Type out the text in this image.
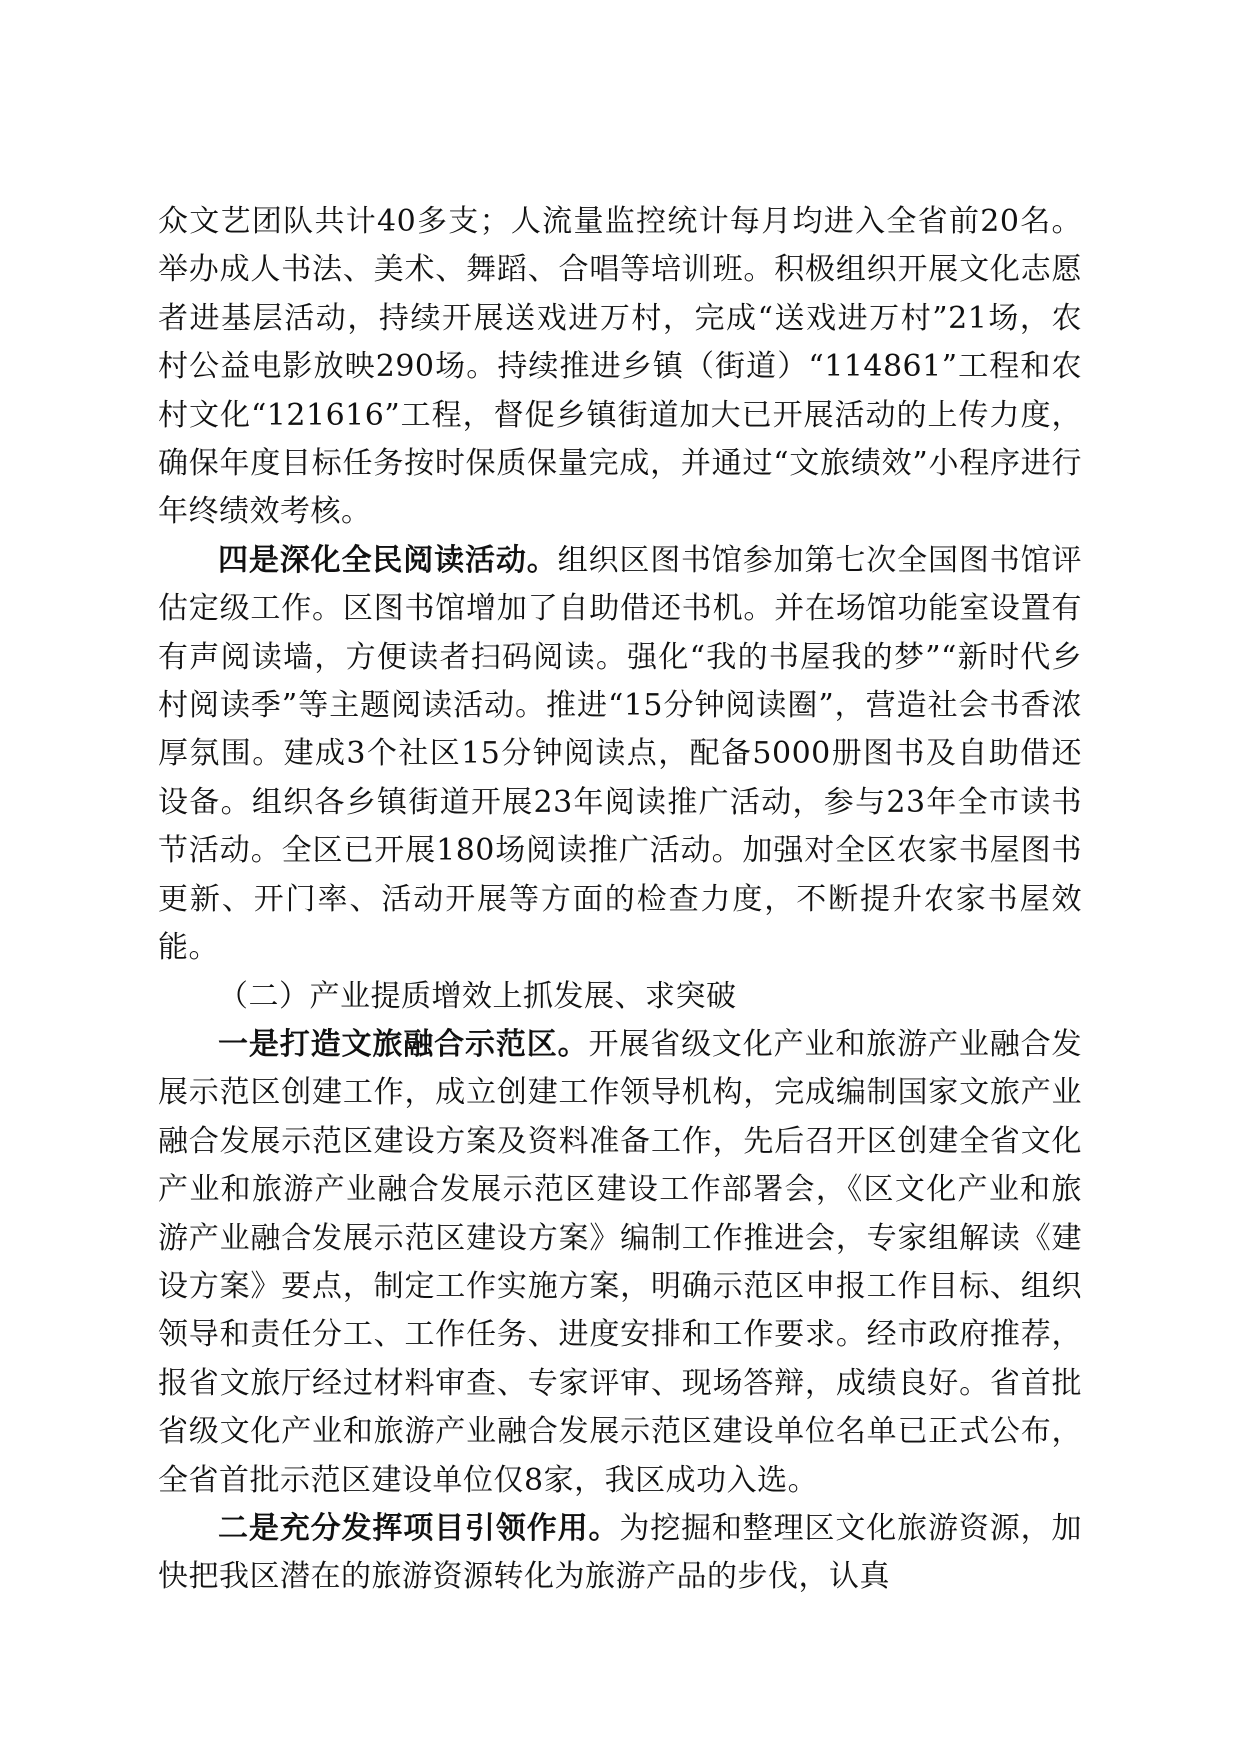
众文艺团队共计40多支；人流量监控统计每月均进入全省前20名。举办成人书法、美术、舞蹈、合唱等培训班。积极组织开展文化志愿者进基层活动，持续开展送戏进万村，完成“送戏进万村”21场，农村公益电影放映290场。持续推进乡镇（街道）“114861”工程和农村文化“121616”工程，督促乡镇街道加大已开展活动的上传力度，确保年度目标任务按时保质保量完成，并通过“文旅绩效”小程序进行年终绩效考核。

四是深化全民阅读活动。组织区图书馆参加第七次全国图书馆评估定级工作。区图书馆增加了自助借还书机。并在场馆功能室设置有有声阅读墙，方便读者扫码阅读。强化“我的书屋我的梦”“新时代乡村阅读季”等主题阅读活动。推进“15分钟阅读圈”，营造社会书香浓厚氛围。建成3个社区15分钟阅读点，配备5000册图书及自助借还设备。组织各乡镇街道开展23年阅读推广活动，参与23年全市读书节活动。全区已开展180场阅读推广活动。加强对全区农家书屋图书更新、开门率、活动开展等方面的检查力度，不断提升农家书屋效能。

（二）产业提质增效上抓发展、求突破

一是打造文旅融合示范区。开展省级文化产业和旅游产业融合发展示范区创建工作，成立创建工作领导机构，完成编制国家文旅产业融合发展示范区建设方案及资料准备工作，先后召开区创建全省文化产业和旅游产业融合发展示范区建设工作部署会，《区文化产业和旅游产业融合发展示范区建设方案》编制工作推进会，专家组解读《建设方案》要点，制定工作实施方案，明确示范区申报工作目标、组织领导和责任分工、工作任务、进度安排和工作要求。经市政府推荐，报省文旅厅经过材料审查、专家评审、现场答辩，成绩良好。省首批省级文化产业和旅游产业融合发展示范区建设单位名单已正式公布，全省首批示范区建设单位仅8家，我区成功入选。

二是充分发挥项目引领作用。为挖掘和整理区文化旅游资源，加快把我区潜在的旅游资源转化为旅游产品的步伐，认真
